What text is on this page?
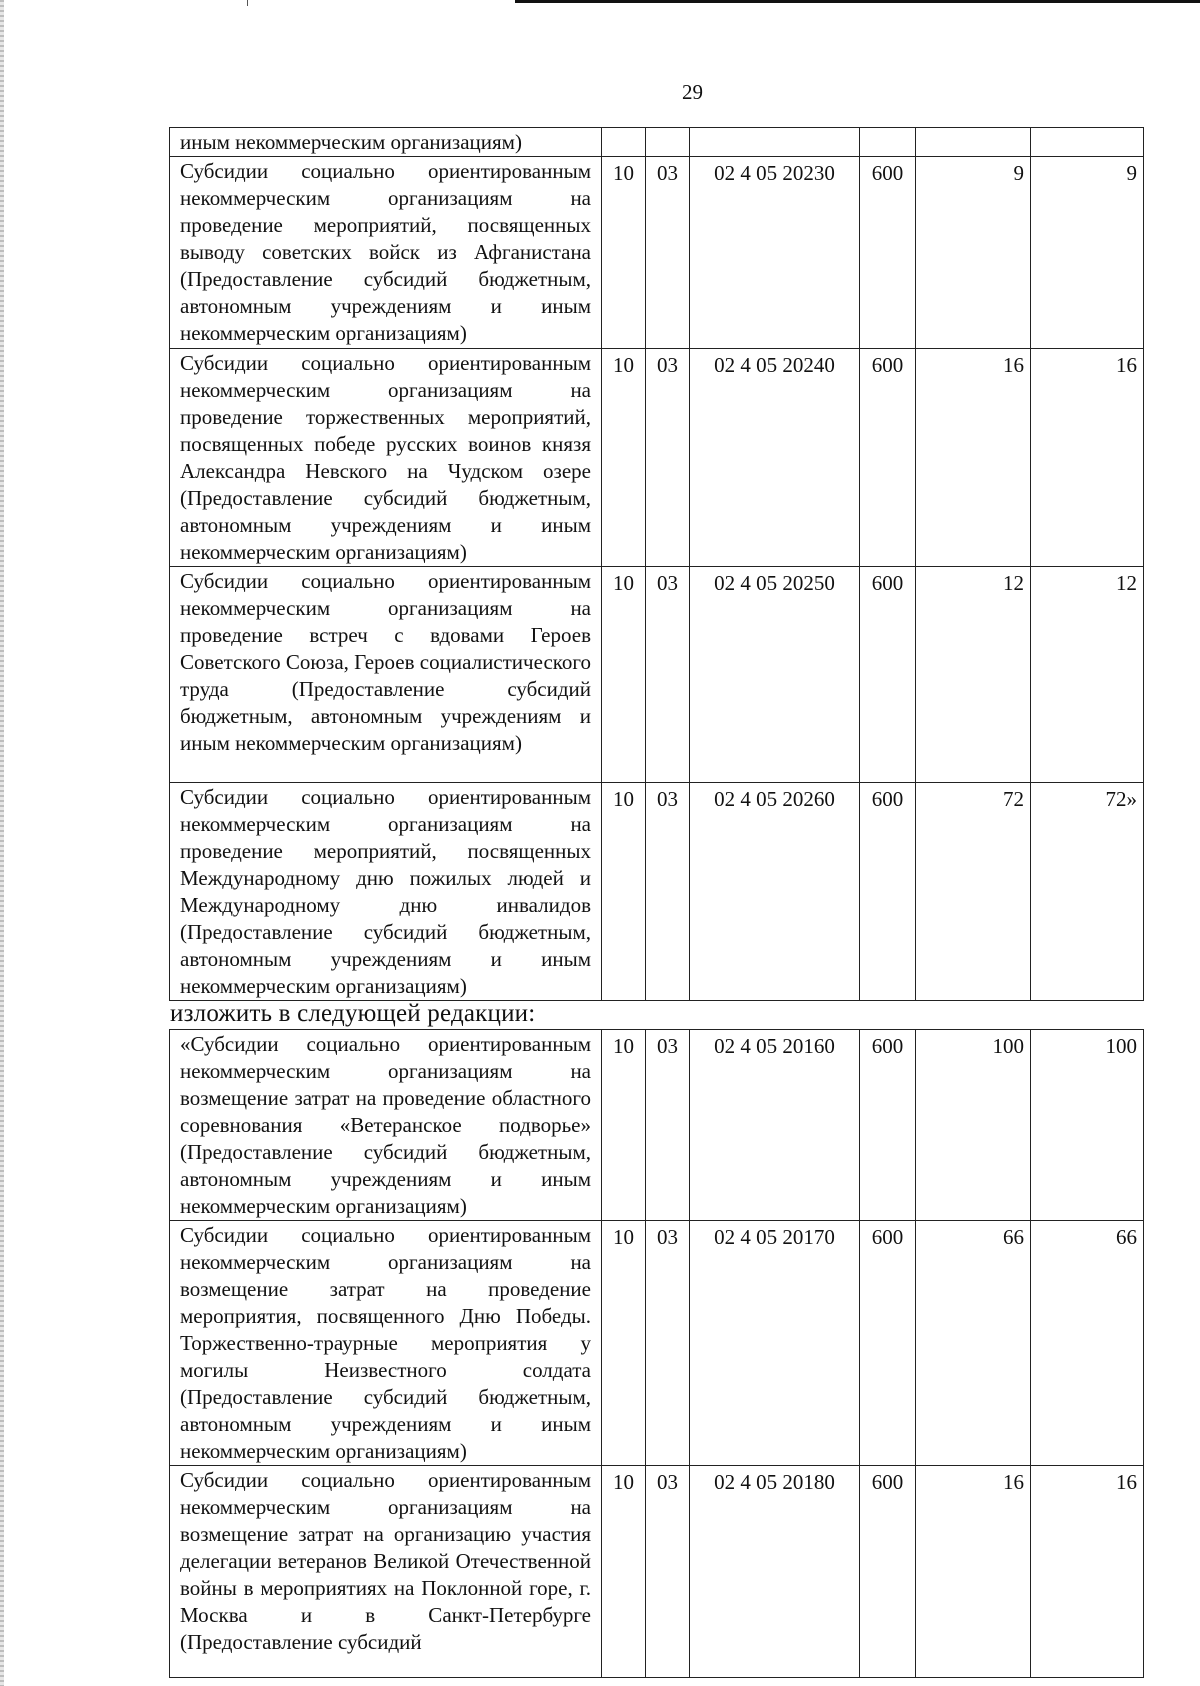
29
иным некоммерческим организациям)						
Субсидии социально ориентированным некоммерческим организациям на проведение мероприятий, посвященных выводу советских войск из Афганистана (Предоставление субсидий бюджетным, автономным учреждениям и иным некоммерческим организациям)	10	03	02 4 05 20230	600	9	9
Субсидии социально ориентированным некоммерческим организациям на проведение торжественных мероприятий, посвященных победе русских воинов князя Александра Невского на Чудском озере (Предоставление субсидий бюджетным, автономным учреждениям и иным некоммерческим организациям)	10	03	02 4 05 20240	600	16	16
Субсидии социально ориентированным некоммерческим организациям на проведение встреч с вдовами Героев Советского Союза, Героев социалистического труда (Предоставление субсидий бюджетным, автономным учреждениям и иным некоммерческим организациям)	10	03	02 4 05 20250	600	12	12
Субсидии социально ориентированным некоммерческим организациям на проведение мероприятий, посвященных Международному дню пожилых людей и Международному дню инвалидов (Предоставление субсидий бюджетным, автономным учреждениям и иным некоммерческим организациям)	10	03	02 4 05 20260	600	72	72»
изложить в следующей редакции:
«Субсидии социально ориентированным некоммерческим организациям на возмещение затрат на проведение областного соревнования «Ветеранское подворье» (Предоставление субсидий бюджетным, автономным учреждениям и иным некоммерческим организациям)	10	03	02 4 05 20160	600	100	100
Субсидии социально ориентированным некоммерческим организациям на возмещение затрат на проведение мероприятия, посвященного Дню Победы. Торжественно-траурные мероприятия у могилы Неизвестного солдата (Предоставление субсидий бюджетным, автономным учреждениям и иным некоммерческим организациям)	10	03	02 4 05 20170	600	66	66
Субсидии социально ориентированным некоммерческим организациям на возмещение затрат на организацию участия делегации ветеранов Великой Отечественной войны в мероприятиях на Поклонной горе, г. Москва и в Санкт-Петербурге (Предоставление субсидий	10	03	02 4 05 20180	600	16	16
